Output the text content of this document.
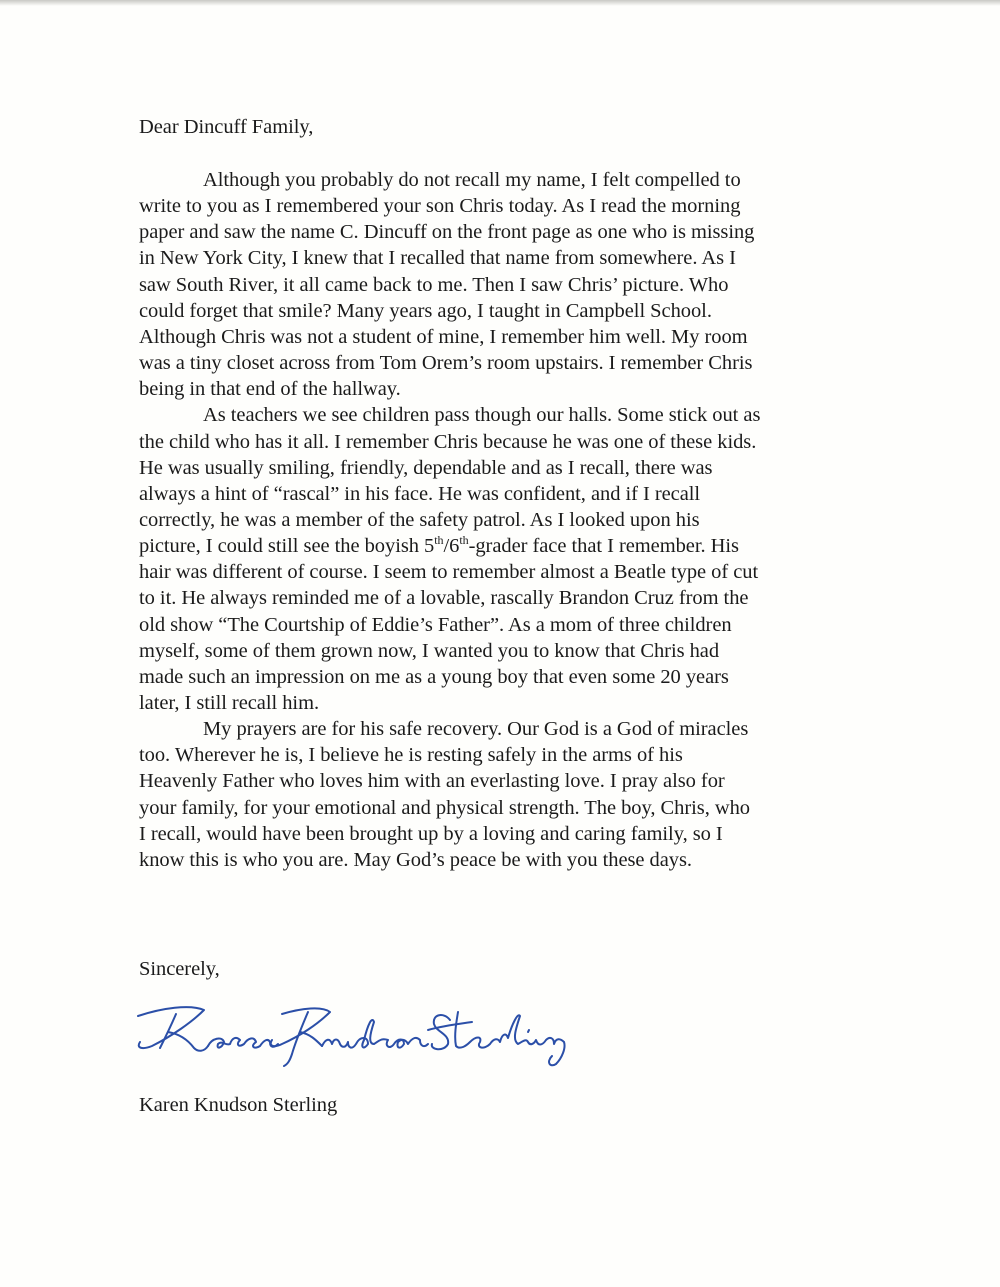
Dear Dincuff Family,
Although you probably do not recall my name, I felt compelled to
write to you as I remembered your son Chris today. As I read the morning
paper and saw the name C. Dincuff on the front page as one who is missing
in New York City, I knew that I recalled that name from somewhere. As I
saw South River, it all came back to me. Then I saw Chris’ picture. Who
could forget that smile? Many years ago, I taught in Campbell School.
Although Chris was not a student of mine, I remember him well. My room
was a tiny closet across from Tom Orem’s room upstairs. I remember Chris
being in that end of the hallway.
As teachers we see children pass though our halls. Some stick out as
the child who has it all. I remember Chris because he was one of these kids.
He was usually smiling, friendly, dependable and as I recall, there was
always a hint of “rascal” in his face. He was confident, and if I recall
correctly, he was a member of the safety patrol. As I looked upon his
picture, I could still see the boyish 5th/6th-grader face that I remember. His
hair was different of course. I seem to remember almost a Beatle type of cut
to it. He always reminded me of a lovable, rascally Brandon Cruz from the
old show “The Courtship of Eddie’s Father”. As a mom of three children
myself, some of them grown now, I wanted you to know that Chris had
made such an impression on me as a young boy that even some 20 years
later, I still recall him.
My prayers are for his safe recovery. Our God is a God of miracles
too. Wherever he is, I believe he is resting safely in the arms of his
Heavenly Father who loves him with an everlasting love. I pray also for
your family, for your emotional and physical strength. The boy, Chris, who
I recall, would have been brought up by a loving and caring family, so I
know this is who you are. May God’s peace be with you these days.
Sincerely,
Karen Knudson Sterling
